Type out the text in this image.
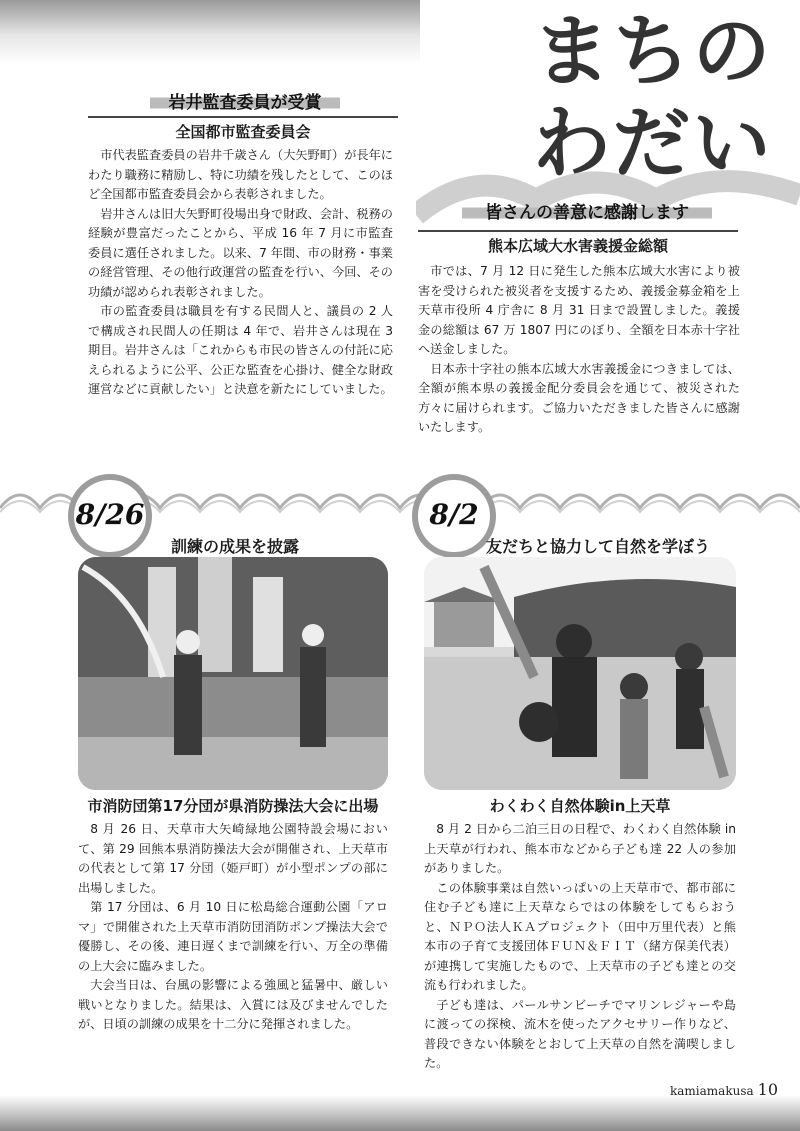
まちの
わだい
岩井監査委員が受賞
全国都市監査委員会

市代表監査委員の岩井千歳さん（大矢野町）が長年にわたり職務に精励し、特に功績を残したとして、このほど全国都市監査委員会から表彰されました。

岩井さんは旧大矢野町役場出身で財政、会計、税務の経験が豊富だったことから、平成 16 年 7 月に市監査委員に選任されました。以来、7 年間、市の財務・事業の経営管理、その他行政運営の監査を行い、今回、その功績が認められ表彰されました。

市の監査委員は職員を有する民間人と、議員の 2 人で構成され民間人の任期は 4 年で、岩井さんは現在 3 期目。岩井さんは「これからも市民の皆さんの付託に応えられるように公平、公正な監査を心掛け、健全な財政運営などに貢献したい」と決意を新たにしていました。

皆さんの善意に感謝します
熊本広域大水害義援金総額

市では、7 月 12 日に発生した熊本広域大水害により被害を受けられた被災者を支援するため、義援金募金箱を上天草市役所 4 庁舎に 8 月 31 日まで設置しました。義援金の総額は 67 万 1807 円にのぼり、全額を日本赤十字社へ送金しました。

日本赤十字社の熊本広域大水害義援金につきましては、全額が熊本県の義援金配分委員会を通じて、被災された方々に届けられます。ご協力いただきました皆さんに感謝いたします。

8/26
訓練の成果を披露
市消防団第17分団が県消防操法大会に出場

8 月 26 日、天草市大矢崎緑地公園特設会場において、第 29 回熊本県消防操法大会が開催され、上天草市の代表として第 17 分団（姫戸町）が小型ポンプの部に出場しました。

第 17 分団は、6 月 10 日に松島総合運動公園「アロマ」で開催された上天草市消防団消防ポンプ操法大会で優勝し、その後、連日遅くまで訓練を行い、万全の準備の上大会に臨みました。

大会当日は、台風の影響による強風と猛暑中、厳しい戦いとなりました。結果は、入賞には及びませんでしたが、日頃の訓練の成果を十二分に発揮されました。

8/2
友だちと協力して自然を学ぼう
わくわく自然体験in上天草

8 月 2 日から二泊三日の日程で、わくわく自然体験 in 上天草が行われ、熊本市などから子ども達 22 人の参加がありました。

この体験事業は自然いっぱいの上天草市で、都市部に住む子ども達に上天草ならではの体験をしてもらおうと、ＮＰＯ法人ＫＡプロジェクト（田中万里代表）と熊本市の子育て支援団体ＦＵＮ＆ＦＩＴ（緒方保美代表）が連携して実施したもので、上天草市の子ども達との交流も行われました。

子ども達は、パールサンビーチでマリンレジャーや島に渡っての探検、流木を使ったアクセサリー作りなど、普段できない体験をとおして上天草の自然を満喫しました。

kamiamakusa 10
